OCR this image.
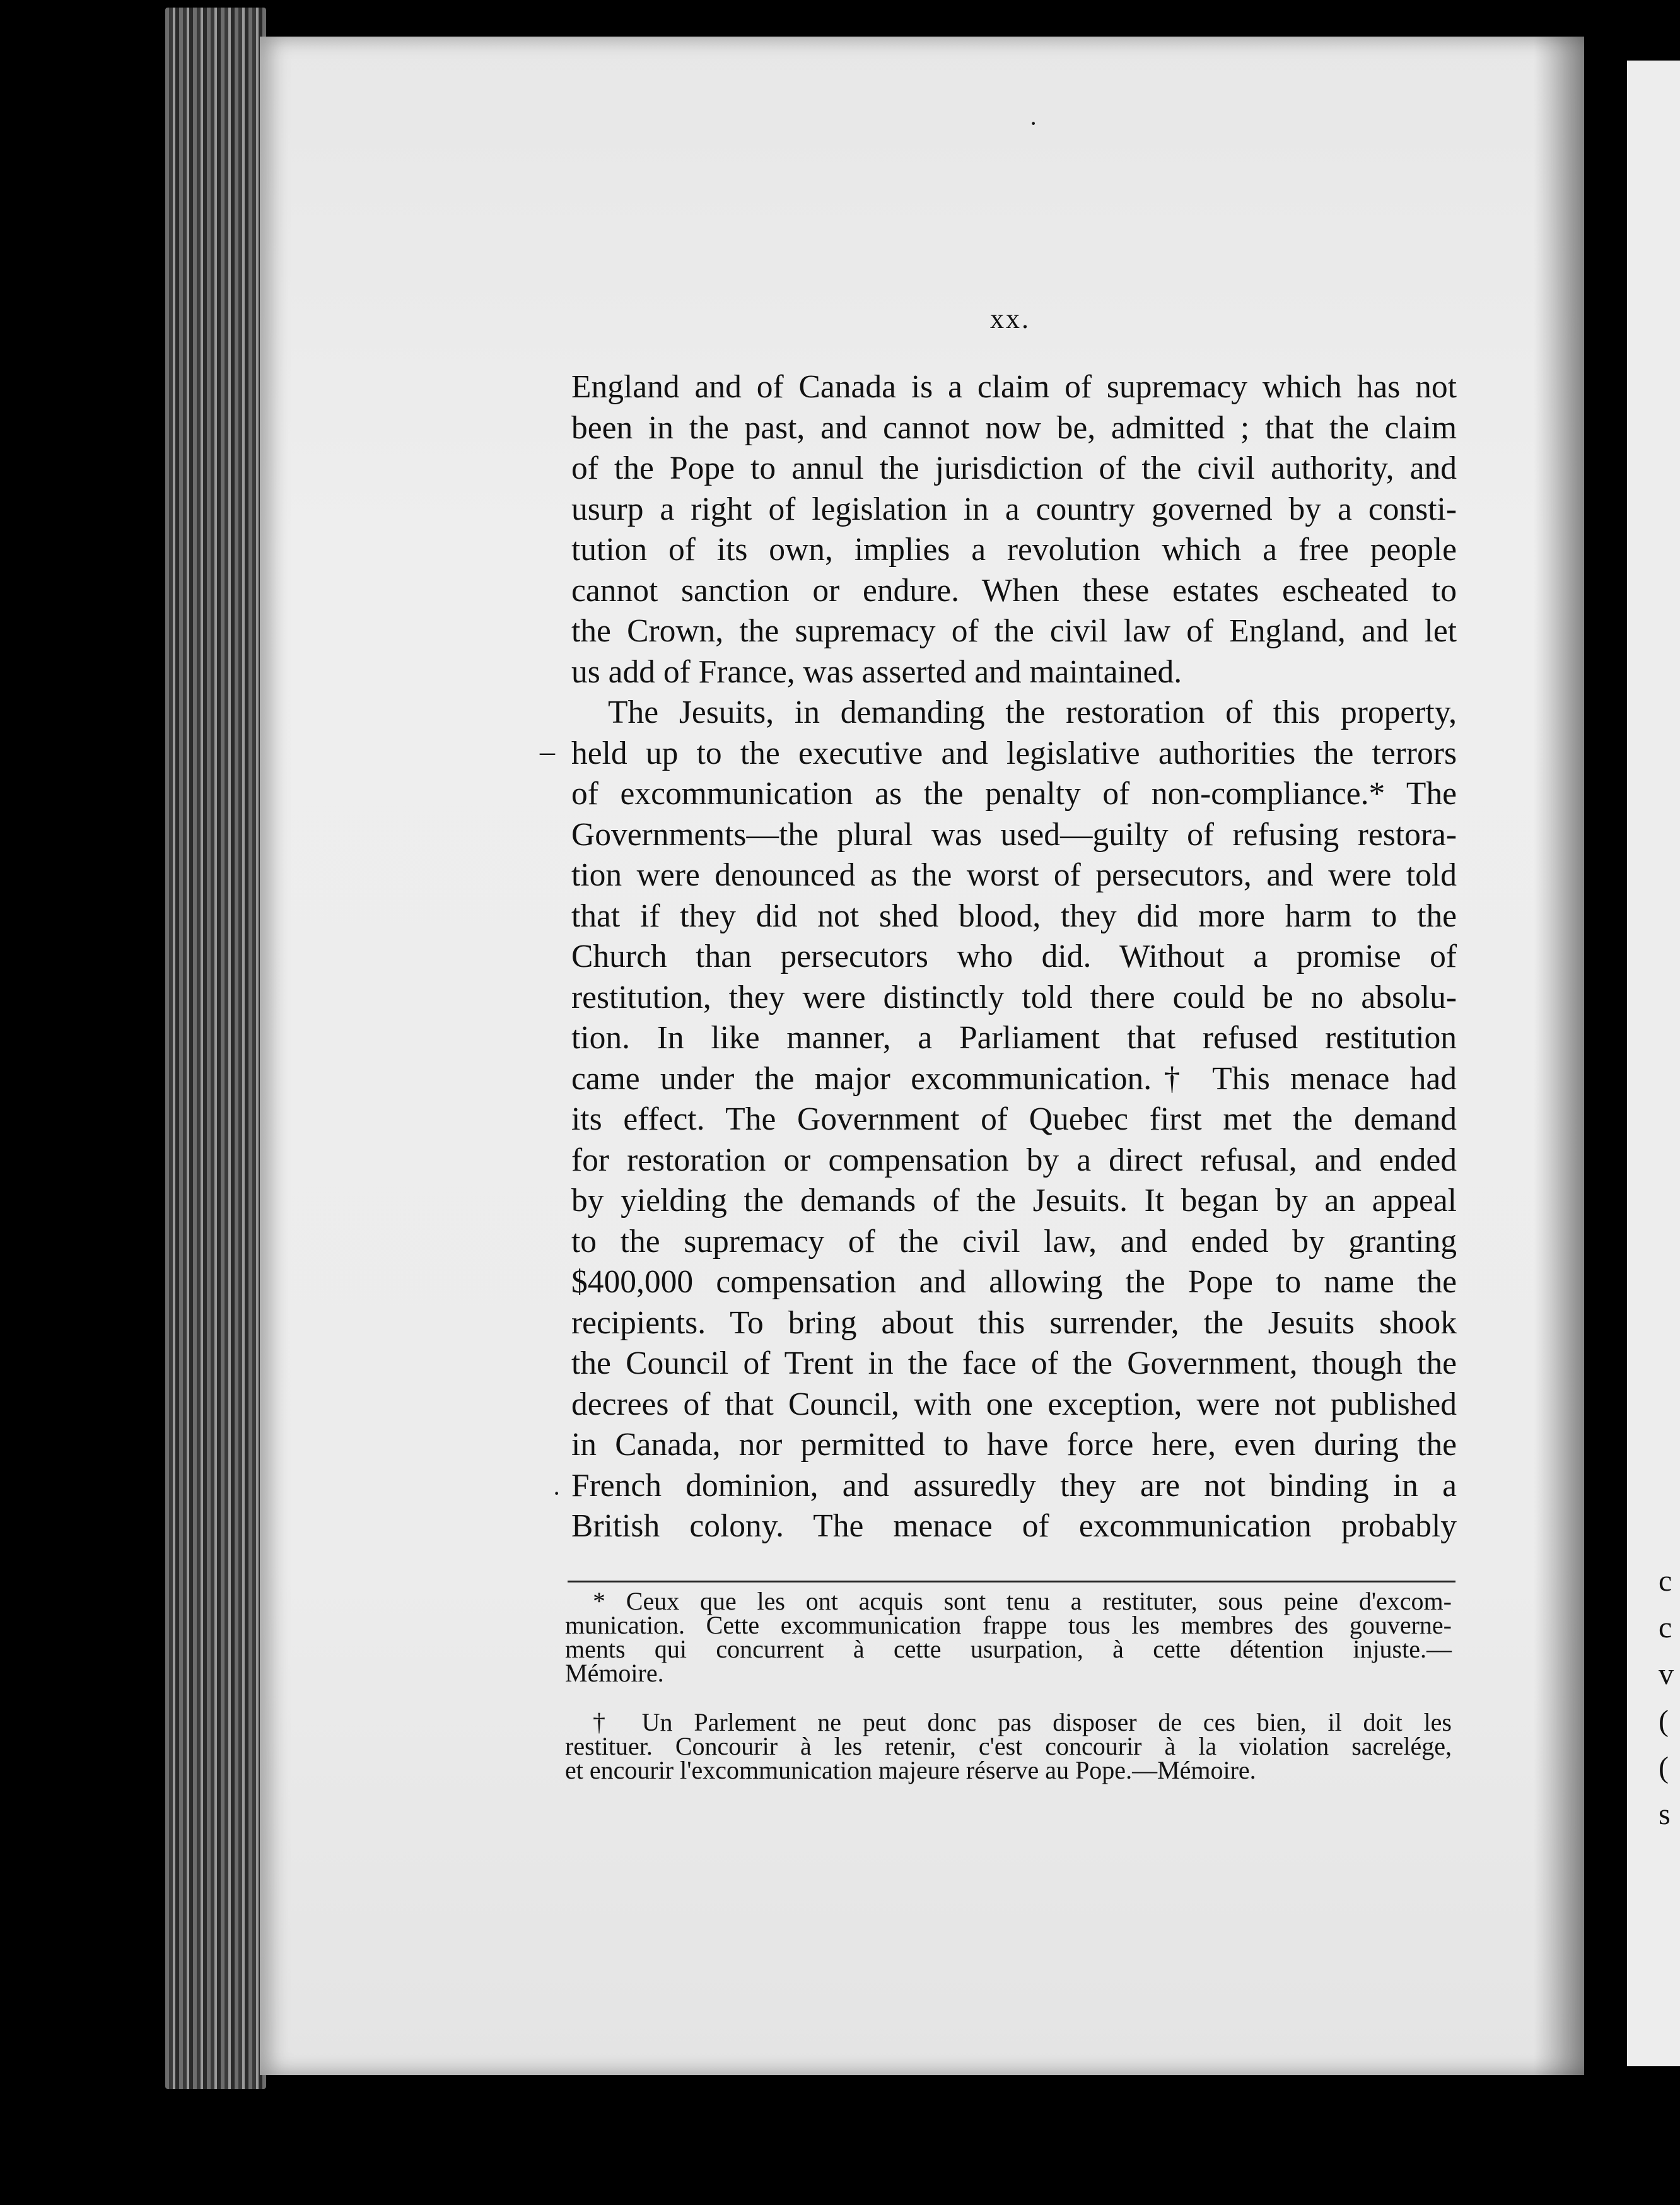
c
c
v
(
(
s
xx.
England and of Canada is a claim of supremacy which has not
been in the past, and cannot now be, admitted ; that the claim
of the Pope to annul the jurisdiction of the civil authority, and
usurp a right of legislation in a country governed by a consti-
tution of its own, implies a revolution which a free people
cannot sanction or endure. When these estates escheated to
the Crown, the supremacy of the civil law of England, and let
us add of France, was asserted and maintained.
The Jesuits, in demanding the restoration of this property,
held up to the executive and legislative authorities the terrors
of excommunication as the penalty of non-compliance.* The
Governments—the plural was used—guilty of refusing restora-
tion were denounced as the worst of persecutors, and were told
that if they did not shed blood, they did more harm to the
Church than persecutors who did. Without a promise of
restitution, they were distinctly told there could be no absolu-
tion. In like manner, a Parliament that refused restitution
came under the major excommunication.† This menace had
its effect. The Government of Quebec first met the demand
for restoration or compensation by a direct refusal, and ended
by yielding the demands of the Jesuits. It began by an appeal
to the supremacy of the civil law, and ended by granting
$400,000 compensation and allowing the Pope to name the
recipients. To bring about this surrender, the Jesuits shook
the Council of Trent in the face of the Government, though the
decrees of that Council, with one exception, were not published
in Canada, nor permitted to have force here, even during the
French dominion, and assuredly they are not binding in a
British colony. The menace of excommunication probably
* Ceux que les ont acquis sont tenu a restituter, sous peine d'excom-
munication. Cette excommunication frappe tous les membres des gouverne-
ments qui concurrent à cette usurpation, à cette détention injuste.—
Mémoire.
† Un Parlement ne peut donc pas disposer de ces bien, il doit les
restituer. Concourir à les retenir, c'est concourir à la violation sacrelége,
et encourir l'excommunication majeure réserve au Pope.—Mémoire.
–
·
·
